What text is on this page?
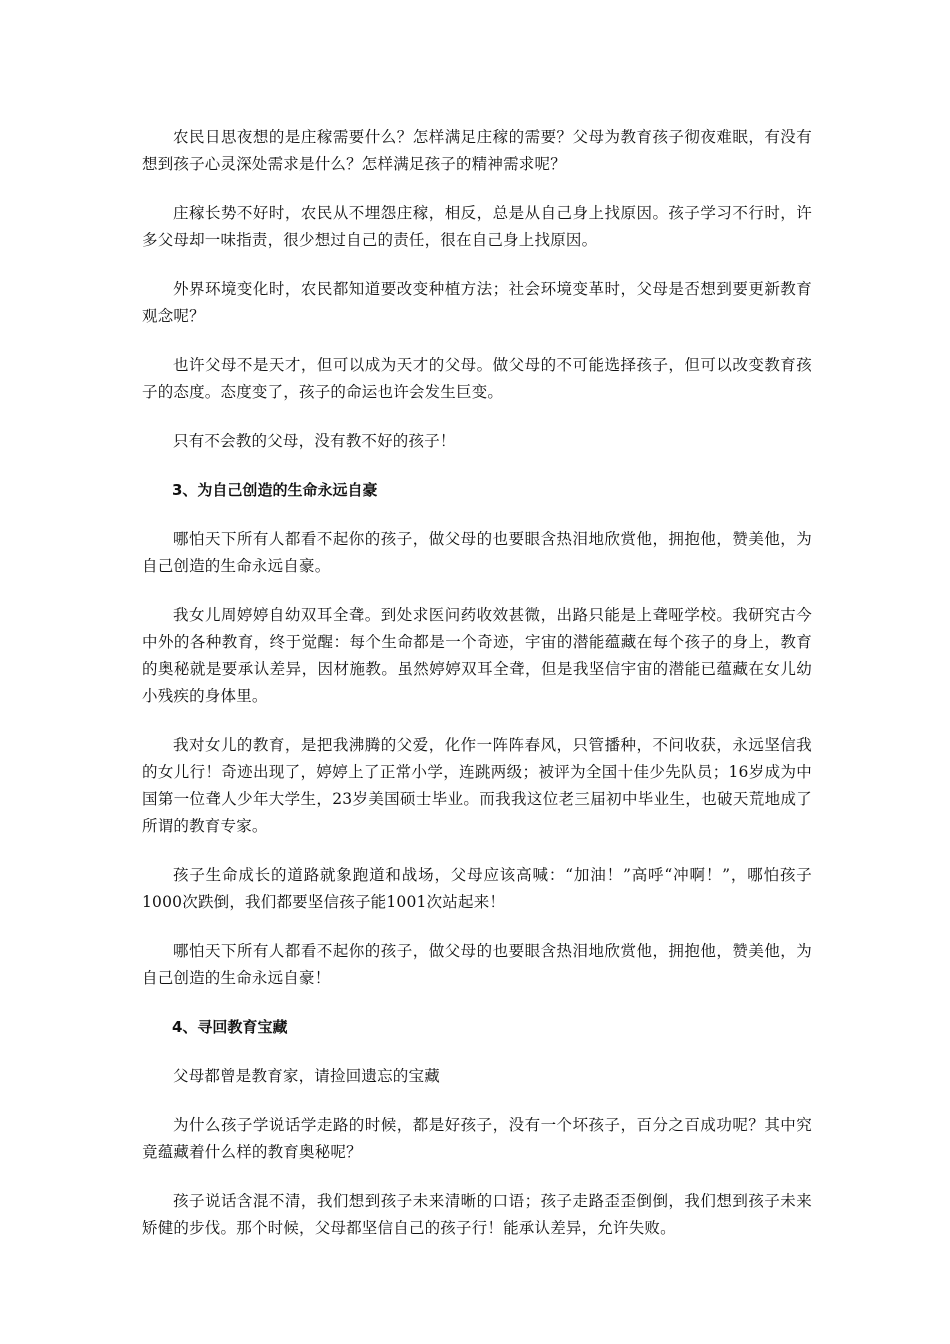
农民日思夜想的是庄稼需要什么？怎样满足庄稼的需要？父母为教育孩子彻夜难眠，有没有想到孩子心灵深处需求是什么？怎样满足孩子的精神需求呢？

庄稼长势不好时，农民从不埋怨庄稼，相反，总是从自己身上找原因。孩子学习不行时，许多父母却一味指责，很少想过自己的责任，很在自己身上找原因。

外界环境变化时，农民都知道要改变种植方法；社会环境变革时，父母是否想到要更新教育观念呢？

也许父母不是天才，但可以成为天才的父母。做父母的不可能选择孩子，但可以改变教育孩子的态度。态度变了，孩子的命运也许会发生巨变。

只有不会教的父母，没有教不好的孩子！

3、为自己创造的生命永远自豪

哪怕天下所有人都看不起你的孩子，做父母的也要眼含热泪地欣赏他，拥抱他，赞美他，为自己创造的生命永远自豪。

我女儿周婷婷自幼双耳全聋。到处求医问药收效甚微，出路只能是上聋哑学校。我研究古今中外的各种教育，终于觉醒：每个生命都是一个奇迹，宇宙的潜能蕴藏在每个孩子的身上，教育的奥秘就是要承认差异，因材施教。虽然婷婷双耳全聋，但是我坚信宇宙的潜能已蕴藏在女儿幼小残疾的身体里。

我对女儿的教育，是把我沸腾的父爱，化作一阵阵春风，只管播种，不问收获，永远坚信我的女儿行！奇迹出现了，婷婷上了正常小学，连跳两级；被评为全国十佳少先队员；16岁成为中国第一位聋人少年大学生，23岁美国硕士毕业。而我我这位老三届初中毕业生，也破天荒地成了所谓的教育专家。

孩子生命成长的道路就象跑道和战场，父母应该高喊：“加油！”高呼“冲啊！”，哪怕孩子1000次跌倒，我们都要坚信孩子能1001次站起来！

哪怕天下所有人都看不起你的孩子，做父母的也要眼含热泪地欣赏他，拥抱他，赞美他，为自己创造的生命永远自豪！

4、寻回教育宝藏

父母都曾是教育家，请捡回遗忘的宝藏

为什么孩子学说话学走路的时候，都是好孩子，没有一个坏孩子，百分之百成功呢？其中究竟蕴藏着什么样的教育奥秘呢？

孩子说话含混不清，我们想到孩子未来清晰的口语；孩子走路歪歪倒倒，我们想到孩子未来矫健的步伐。那个时候，父母都坚信自己的孩子行！能承认差异，允许失败。
